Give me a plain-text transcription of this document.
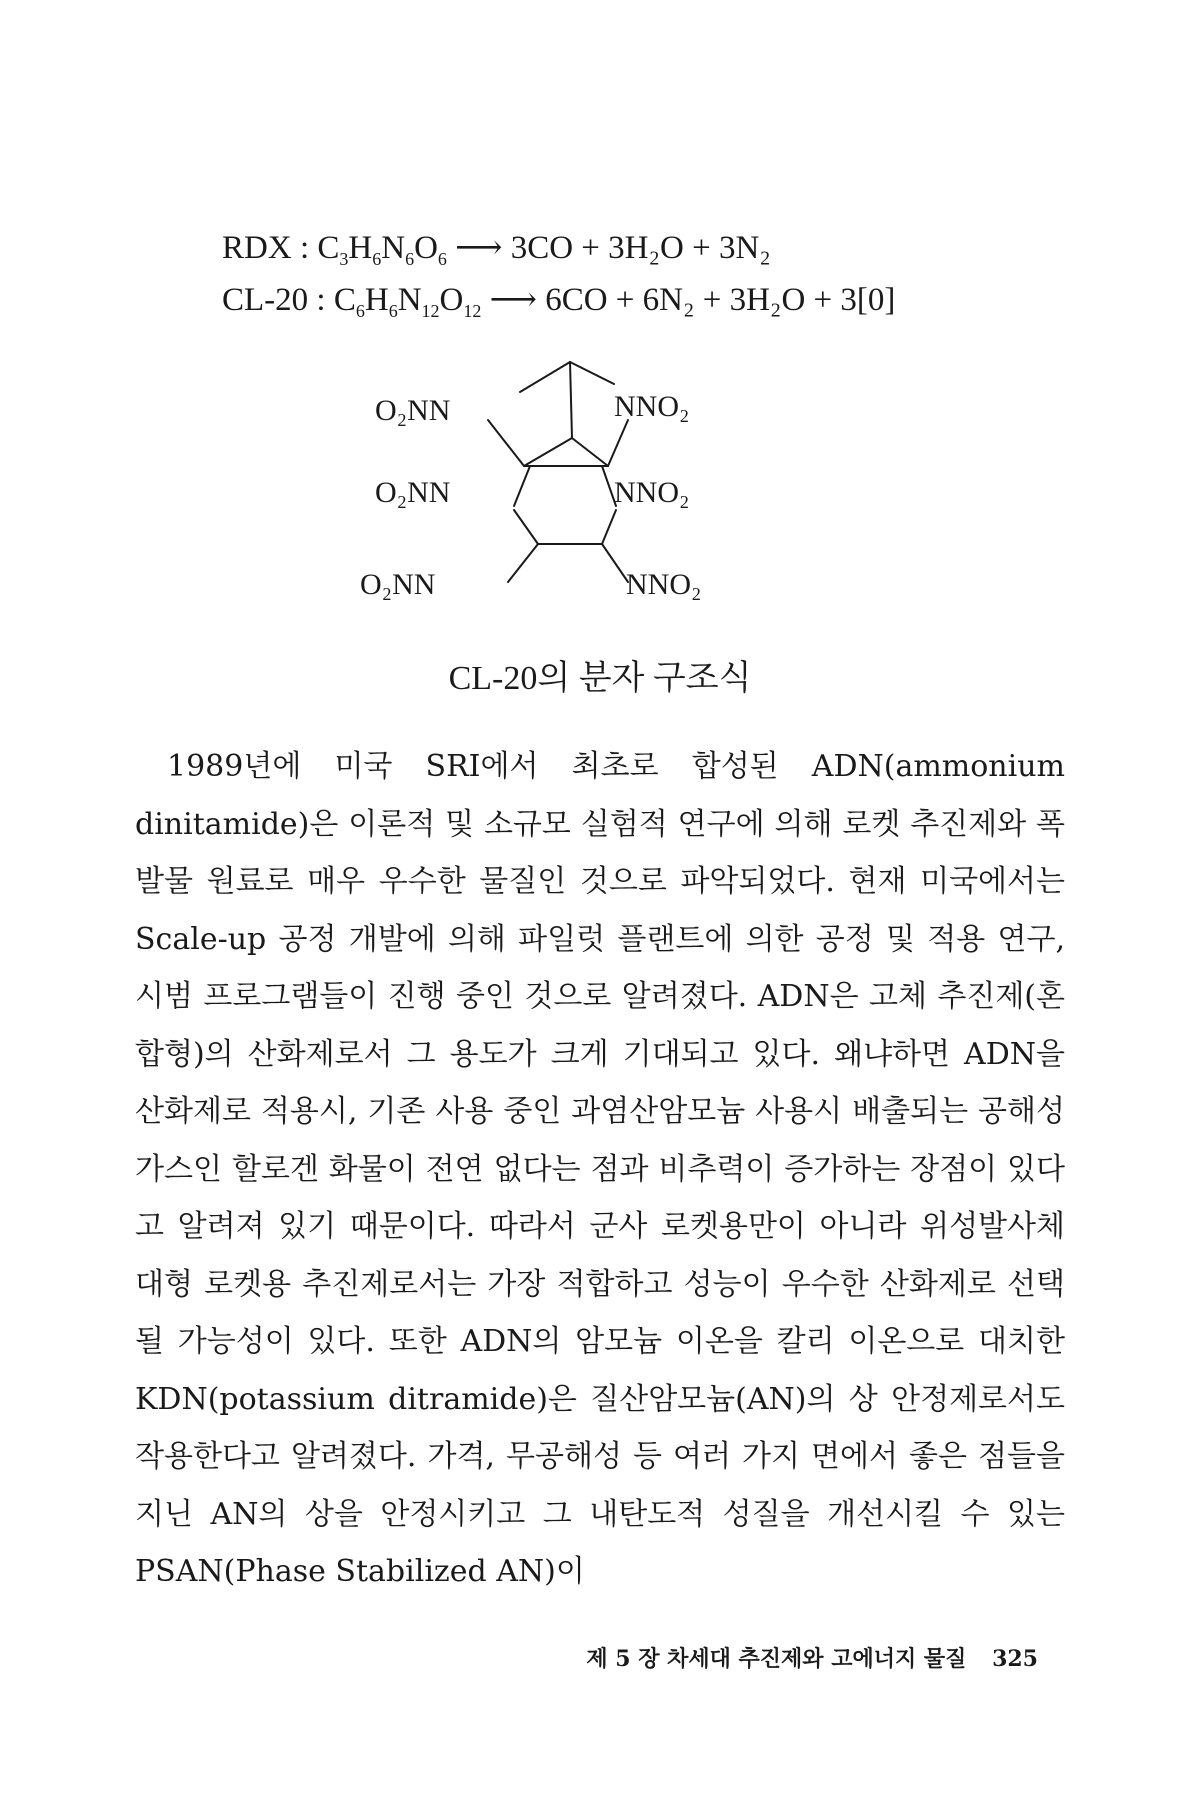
RDX : $C_3H_6N_6O_6$ ⟶ 3CO + 3H₂O + 3N₂
CL-20 : $C_6H_6N_{12}O_{12}$ ⟶ 6CO + 6N₂ + 3H₂O + 3[0]
O₂NN	NNO₂
O₂NN	NNO₂
O₂NN	NNO₂
CL-20의 분자 구조식

1989년에 미국 SRI에서 최초로 합성된 ADN(ammonium dinitamide)은 이론적 및 소규모 실험적 연구에 의해 로켓 추진제와 폭발물 원료로 매우 우수한 물질인 것으로 파악되었다. 현재 미국에서는 Scale-up 공정 개발에 의해 파일럿 플랜트에 의한 공정 및 적용 연구, 시범 프로그램들이 진행 중인 것으로 알려졌다. ADN은 고체 추진제(혼합형)의 산화제로서 그 용도가 크게 기대되고 있다. 왜냐하면 ADN을 산화제로 적용시, 기존 사용 중인 과염산암모늄 사용시 배출되는 공해성 가스인 할로겐 화물이 전연 없다는 점과 비추력이 증가하는 장점이 있다고 알려져 있기 때문이다. 따라서 군사 로켓용만이 아니라 위성발사체 대형 로켓용 추진제로서는 가장 적합하고 성능이 우수한 산화제로 선택될 가능성이 있다. 또한 ADN의 암모늄 이온을 칼리 이온으로 대치한 KDN(potassium ditramide)은 질산암모늄(AN)의 상 안정제로서도 작용한다고 알려졌다. 가격, 무공해성 등 여러 가지 면에서 좋은 점들을 지닌 AN의 상을 안정시키고 그 내탄도적 성질을 개선시킬 수 있는 PSAN(Phase Stabilized AN)이

제 5 장 차세대 추진제와 고에너지 물질 325
